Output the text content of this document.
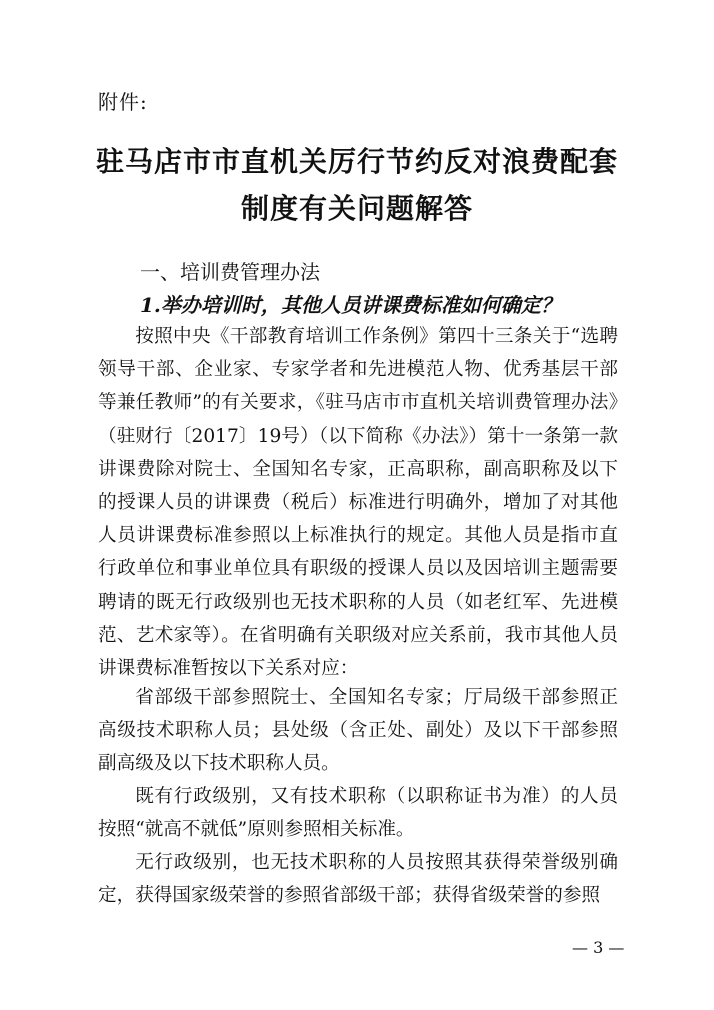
附件:
驻马店市市直机关厉行节约反对浪费配套
制度有关问题解答
一、培训费管理办法
1.举办培训时，其他人员讲课费标准如何确定？

按照中央《干部教育培训工作条例》第四十三条关于“选聘领导干部、企业家、专家学者和先进模范人物、优秀基层干部等兼任教师”的有关要求，《驻马店市市直机关培训费管理办法》（驻财行〔2017〕19号）（以下简称《办法》）第十一条第一款讲课费除对院士、全国知名专家，正高职称，副高职称及以下的授课人员的讲课费（税后）标准进行明确外，增加了对其他人员讲课费标准参照以上标准执行的规定。其他人员是指市直行政单位和事业单位具有职级的授课人员以及因培训主题需要聘请的既无行政级别也无技术职称的人员（如老红军、先进模范、艺术家等）。在省明确有关职级对应关系前，我市其他人员讲课费标准暂按以下关系对应：

省部级干部参照院士、全国知名专家；厅局级干部参照正高级技术职称人员；县处级（含正处、副处）及以下干部参照副高级及以下技术职称人员。

既有行政级别，又有技术职称（以职称证书为准）的人员按照“就高不就低”原则参照相关标准。

无行政级别，也无技术职称的人员按照其获得荣誉级别确定，获得国家级荣誉的参照省部级干部；获得省级荣誉的参照

— 3 —
